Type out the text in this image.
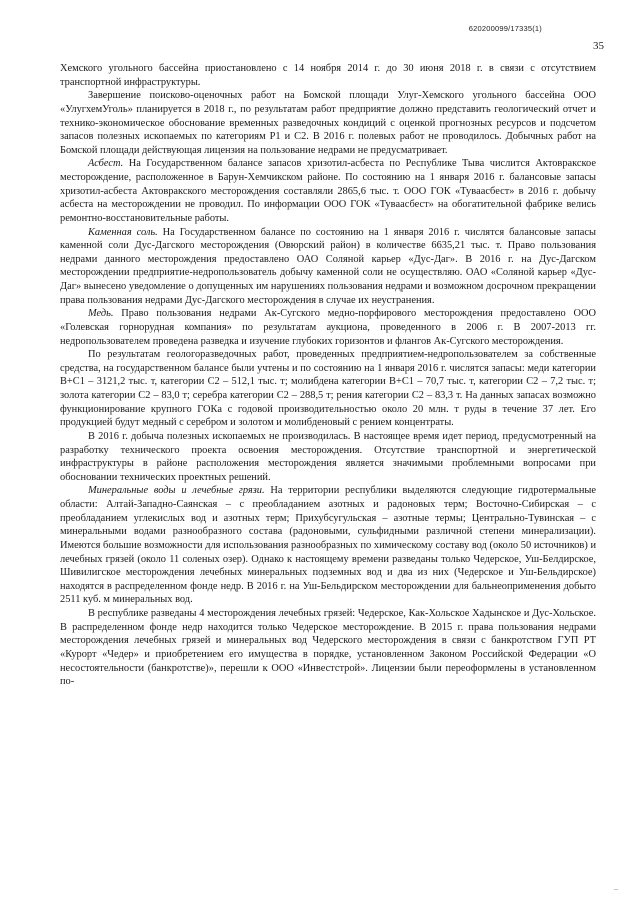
620200099/17335(1)
35

Хемского угольного бассейна приостановлено с 14 ноября 2014 г. до 30 июня 2018 г. в связи с отсутствием транспортной инфраструктуры.

Завершение поисково-оценочных работ на Бомской площади Улуг-Хемского угольного бассейна ООО «УлугхемУголь» планируется в 2018 г., по результатам работ предприятие должно представить геологический отчет и технико-экономическое обоснование временных разведочных кондиций с оценкой прогнозных ресурсов и подсчетом запасов полезных ископаемых по категориям Р1 и С2. В 2016 г. полевых работ не проводилось. Добычных работ на Бомской площади действующая лицензия на пользование недрами не предусматривает.

Асбест. На Государственном балансе запасов хризотил-асбеста по Республике Тыва числится Актовракское месторождение, расположенное в Барун-Хемчикском районе. По состоянию на 1 января 2016 г. балансовые запасы хризотил-асбеста Актовракского месторождения составляли 2865,6 тыс. т. ООО ГОК «Тувaасбест» в 2016 г. добычу асбеста на месторождении не проводил. По информации ООО ГОК «Тувaасбест» на обогатительной фабрике велись ремонтно-восстановительные работы.

Каменная соль. На Государственном балансе по состоянию на 1 января 2016 г. числятся балансовые запасы каменной соли Дус-Дагского месторождения (Овюрский район) в количестве 6635,21 тыс. т. Право пользования недрами данного месторождения предоставлено ОАО Соляной карьер «Дус-Даг». В 2016 г. на Дус-Дагском месторождении предприятие-недропользователь добычу каменной соли не осуществляю. ОАО «Соляной карьер «Дус-Даг» вынесено уведомление о допущенных им нарушениях пользования недрами и возможном досрочном прекращении права пользования недрами Дус-Дагского месторождения в случае их неустранения.

Медь. Право пользования недрами Ак-Сугского медно-порфирового месторождения предоставлено ООО «Голевская горнорудная компания» по результатам аукциона, проведенного в 2006 г. В 2007-2013 гг. недропользователем проведена разведка и изучение глубоких горизонтов и флангов Ак-Сугского месторождения.

По результатам геологоразведочных работ, проведенных предприятием-недропользователем за собственные средства, на государственном балансе были учтены и по состоянию на 1 января 2016 г. числятся запасы: меди категории В+С1 – 3121,2 тыс. т, категории С2 – 512,1 тыс. т; молибдена категории В+С1 – 70,7 тыс. т, категории С2 – 7,2 тыс. т; золота категории С2 – 83,0 т; серебра категории С2 – 288,5 т; рения категории С2 – 83,3 т. На данных запасах возможно функционирование крупного ГОКа с годовой производительностью около 20 млн. т руды в течение 37 лет. Его продукцией будут медный с серебром и золотом и молибденовый с рением концентраты.

В 2016 г. добыча полезных ископаемых не производилась. В настоящее время идет период, предусмотренный на разработку технического проекта освоения месторождения. Отсутствие транспортной и энергетической инфраструктуры в районе расположения месторождения является значимыми проблемными вопросами при обосновании технических проектных решений.

Минеральные воды и лечебные грязи. На территории республики выделяются следующие гидротермальные области: Алтай-Западно-Саянская – с преобладанием азотных и радоновых терм; Восточно-Сибирская – с преобладанием углекислых вод и азотных терм; Прихубсугульская – азотные термы; Центрально-Тувинская – с минеральными водами разнообразного состава (радоновыми, сульфидными различной степени минерализации). Имеются большие возможности для использования разнообразных по химическому составу вод (около 50 источников) и лечебных грязей (около 11 соленых озер). Однако к настоящему времени разведаны только Чедерское, Уш-Белдирское, Шивилигское месторождения лечебных минеральных подземных вод и два из них (Чедерское и Уш-Бельдирское) находятся в распределенном фонде недр. В 2016 г. на Уш-Бельдирском месторождении для бальнеоприменения добыто 2511 куб. м минеральных вод.

В республике разведаны 4 месторождения лечебных грязей: Чедерское, Как-Хольское Хадынское и Дус-Хольское. В распределенном фонде недр находится только Чедерское месторождение. В 2015 г. права пользования недрами месторождения лечебных грязей и минеральных вод Чедерского месторождения в связи с банкротством ГУП РТ «Курорт «Чедер» и приобретением его имущества в порядке, установленном Законом Российской Федерации «О несостоятельности (банкротстве)», перешли к ООО «Инвестстрой». Лицензии были переоформлены в установленном по-

–
